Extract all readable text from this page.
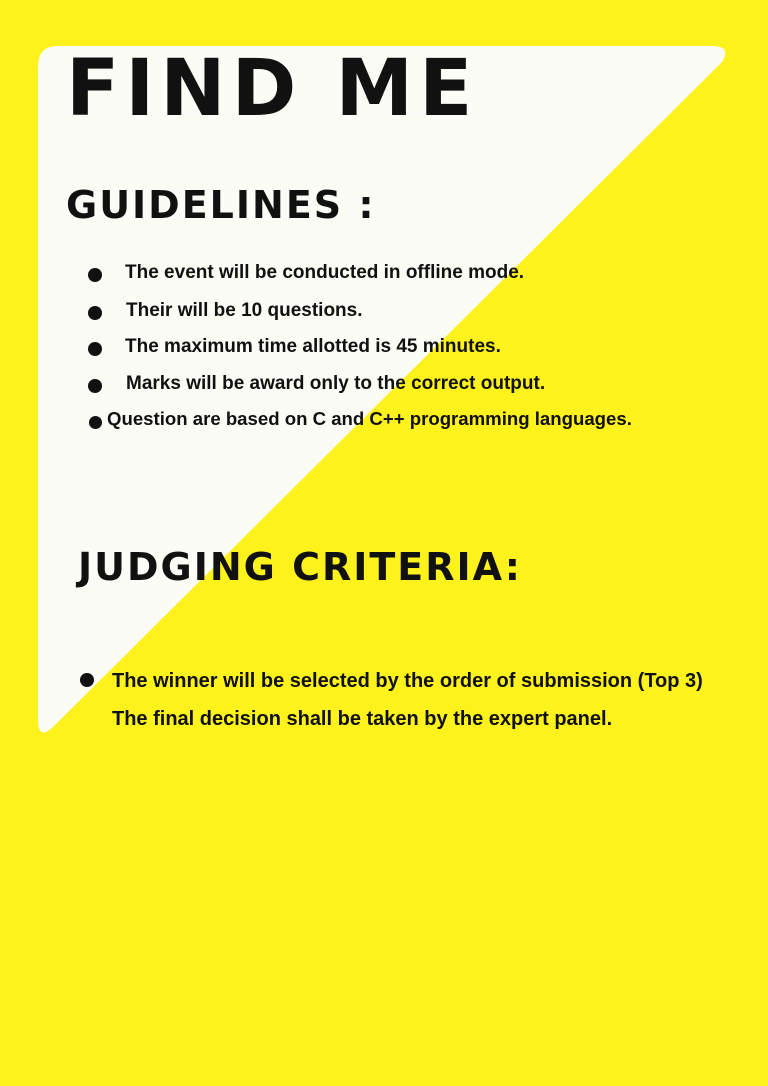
FIND ME
GUIDELINES :

The event will be conducted in offline mode.

Their will be 10 questions.

The maximum time allotted is 45 minutes.

Marks will be award only to the correct output.

Question are based on C and C++ programming languages.

JUDGING CRITERIA:

The winner will be selected by the order of submission (Top 3) The final decision shall be taken by the expert panel.
